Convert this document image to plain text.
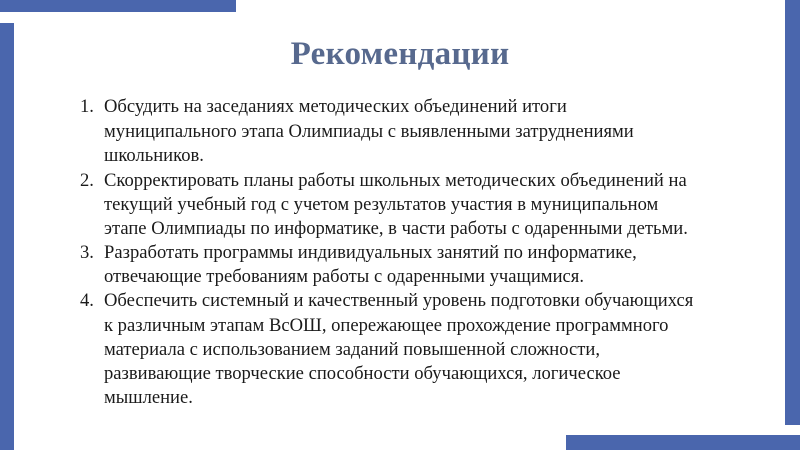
Рекомендации
1. Обсудить на заседаниях методических объединений итоги
муниципального этапа Олимпиады с выявленными затруднениями
школьников.
2. Скорректировать планы работы школьных методических объединений на
текущий учебный год с учетом результатов участия в муниципальном
этапе Олимпиады по информатике, в части работы с одаренными детьми.
3. Разработать программы индивидуальных занятий по информатике,
отвечающие требованиям работы с одаренными учащимися.
4. Обеспечить системный и качественный уровень подготовки обучающихся
к различным этапам ВсОШ, опережающее прохождение программного
материала с использованием заданий повышенной сложности,
развивающие творческие способности обучающихся, логическое
мышление.
